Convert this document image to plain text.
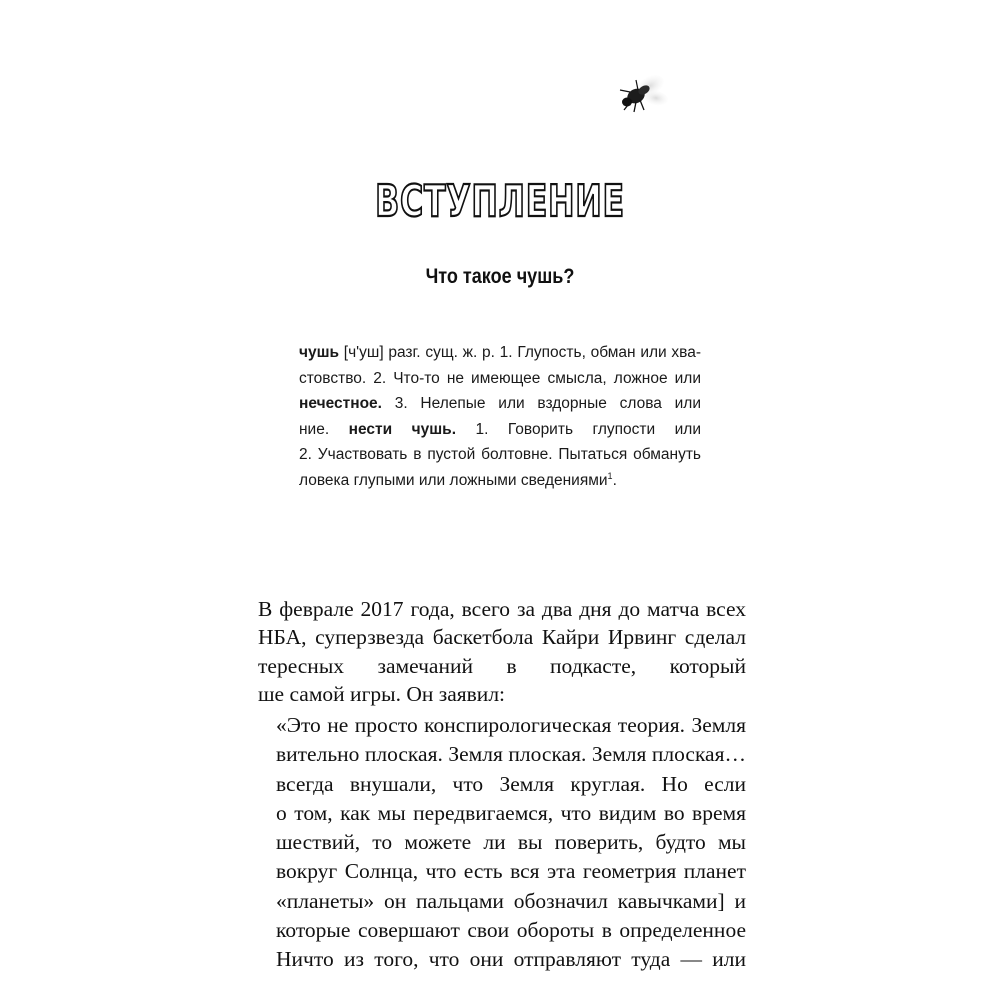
ВСТУПЛЕНИЕ
Что такое чушь?
чушь [ч'уш] разг. сущ. ж. р. 1. Глупость, обман или хва-
стовство. 2. Что-то не имеющее смысла, ложное или
нечестное. 3. Нелепые или вздорные слова или
ние. нести чушь. 1. Говорить глупости или
2. Участвовать в пустой болтовне. Пытаться обмануть
ловека глупыми или ложными сведениями$^1$.
В феврале 2017 года, всего за два дня до матча всех
НБА, суперзвезда баскетбола Кайри Ирвинг сделал
тересных замечаний в подкасте, который
ше самой игры. Он заявил:
«Это не просто конспирологическая теория. Земля
вительно плоская. Земля плоская. Земля плоская…
всегда внушали, что Земля круглая. Но если
о том, как мы передвигаемся, что видим во время
шествий, то можете ли вы поверить, будто мы
вокруг Солнца, что есть вся эта геометрия планет
«планеты» он пальцами обозначил кавычками] и
которые совершают свои обороты в определенное
Ничто из того, что они отправляют туда — или
